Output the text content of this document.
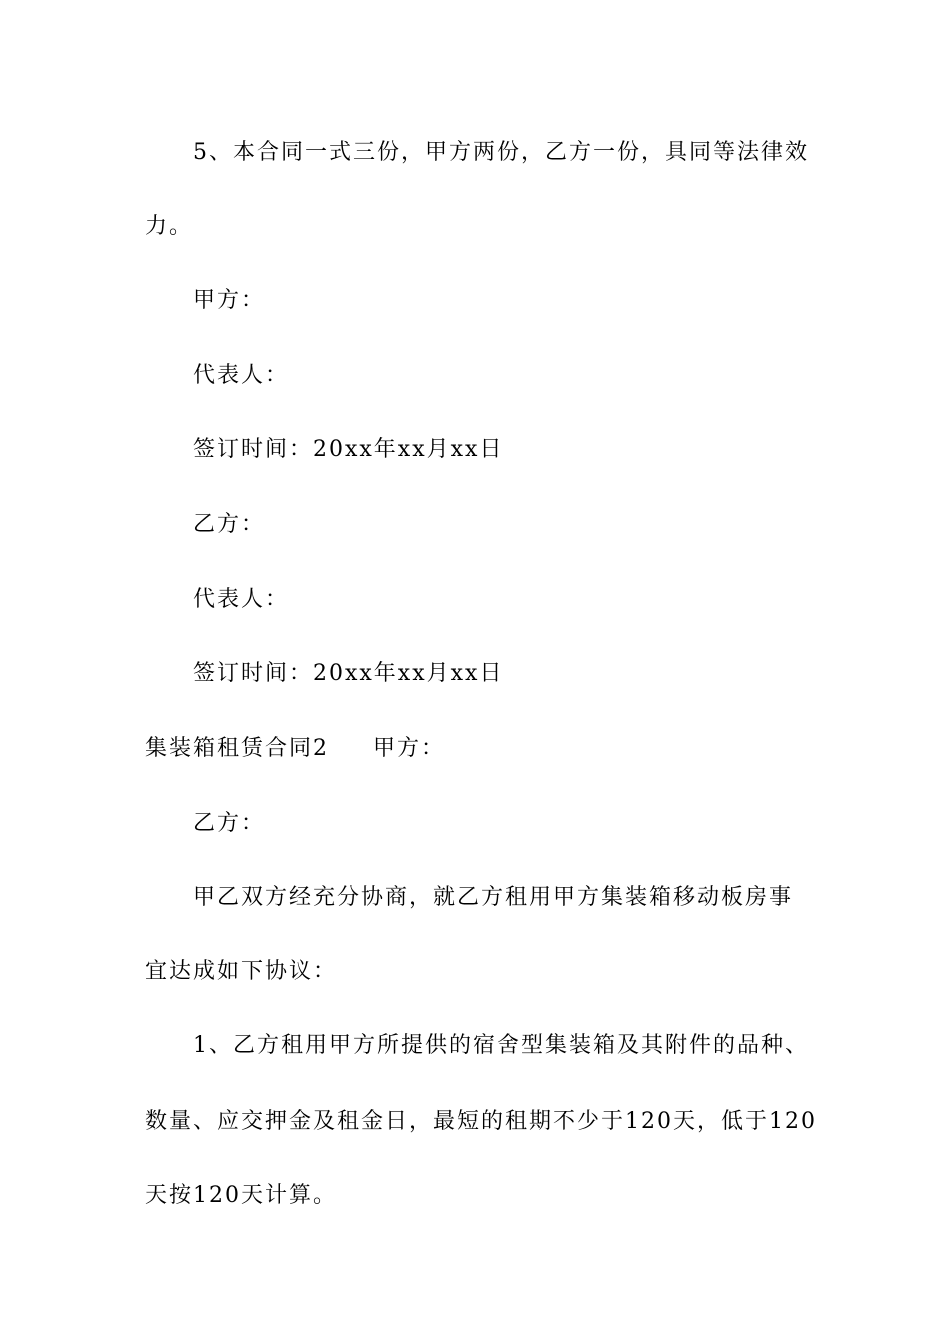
5、本合同一式三份，甲方两份，乙方一份，具同等法律效
力。
甲方：
代表人：
签订时间：20xx年xx月xx日
乙方：
代表人：
签订时间：20xx年xx月xx日
集装箱租赁合同2 甲方：
乙方：
甲乙双方经充分协商，就乙方租用甲方集装箱移动板房事
宜达成如下协议：
1、乙方租用甲方所提供的宿舍型集装箱及其附件的品种、
数量、应交押金及租金日，最短的租期不少于120天，低于120
天按120天计算。
